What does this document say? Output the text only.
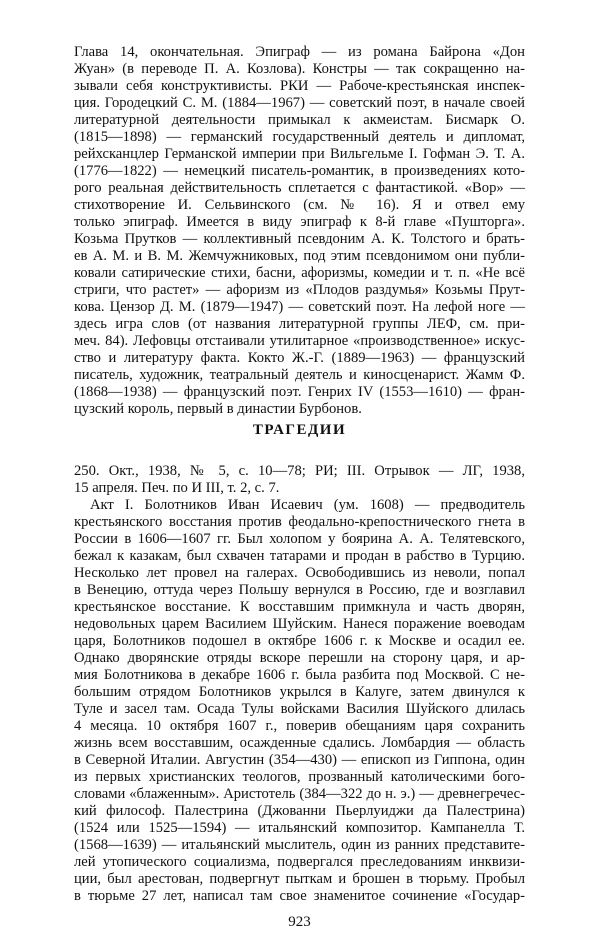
Глава 14, окончательная. Эпиграф — из романа Байрона «Дон
Жуан» (в переводе П. А. Козлова). Констры — так сокращенно на-
зывали себя конструктивисты. РКИ — Рабоче-крестьянская инспек-
ция. Городецкий С. М. (1884—1967) — советский поэт, в начале своей
литературной деятельности примыкал к акмеистам. Бисмарк О.
(1815—1898) — германский государственный деятель и дипломат,
рейхсканцлер Германской империи при Вильгельме I. Гофман Э. Т. А.
(1776—1822) — немецкий писатель-романтик, в произведениях кото-
рого реальная действительность сплетается с фантастикой. «Вор» —
стихотворение И. Сельвинского (см. № 16). Я и отвел ему
только эпиграф. Имеется в виду эпиграф к 8-й главе «Пушторга».
Козьма Прутков — коллективный псевдоним А. К. Толстого и брать-
ев А. М. и В. М. Жемчужниковых, под этим псевдонимом они публи-
ковали сатирические стихи, басни, афоризмы, комедии и т. п. «Не всё
стриги, что растет» — афоризм из «Плодов раздумья» Козьмы Прут-
кова. Цензор Д. М. (1879—1947) — советский поэт. На лефой ноге —
здесь игра слов (от названия литературной группы ЛЕФ, см. при-
меч. 84). Лефовцы отстаивали утилитарное «производственное» искус-
ство и литературу факта. Кокто Ж.-Г. (1889—1963) — французский
писатель, художник, театральный деятель и киносценарист. Жамм Ф.
(1868—1938) — французский поэт. Генрих IV (1553—1610) — фран-
цузский король, первый в династии Бурбонов.
ТРАГЕДИИ
250. Окт., 1938, № 5, с. 10—78; РИ; III. Отрывок — ЛГ, 1938,
15 апреля. Печ. по И III, т. 2, с. 7.
Акт I. Болотников Иван Исаевич (ум. 1608) — предводитель
крестьянского восстания против феодально-крепостнического гнета в
России в 1606—1607 гг. Был холопом у боярина А. А. Телятевского,
бежал к казакам, был схвачен татарами и продан в рабство в Турцию.
Несколько лет провел на галерах. Освободившись из неволи, попал
в Венецию, оттуда через Польшу вернулся в Россию, где и возглавил
крестьянское восстание. К восставшим примкнула и часть дворян,
недовольных царем Василием Шуйским. Нанеся поражение воеводам
царя, Болотников подошел в октябре 1606 г. к Москве и осадил ее.
Однако дворянские отряды вскоре перешли на сторону царя, и ар-
мия Болотникова в декабре 1606 г. была разбита под Москвой. С не-
большим отрядом Болотников укрылся в Калуге, затем двинулся к
Туле и засел там. Осада Тулы войсками Василия Шуйского длилась
4 месяца. 10 октября 1607 г., поверив обещаниям царя сохранить
жизнь всем восставшим, осажденные сдались. Ломбардия — область
в Северной Италии. Августин (354—430) — епископ из Гиппона, один
из первых христианских теологов, прозванный католическими бого-
словами «блаженным». Аристотель (384—322 до н. э.) — древнегречес-
кий философ. Палестрина (Джованни Пьерлуиджи да Палестрина)
(1524 или 1525—1594) — итальянский композитор. Кампанелла Т.
(1568—1639) — итальянский мыслитель, один из ранних представите-
лей утопического социализма, подвергался преследованиям инквизи-
ции, был арестован, подвергнут пыткам и брошен в тюрьму. Пробыл
в тюрьме 27 лет, написал там свое знаменитое сочинение «Государ-
923
